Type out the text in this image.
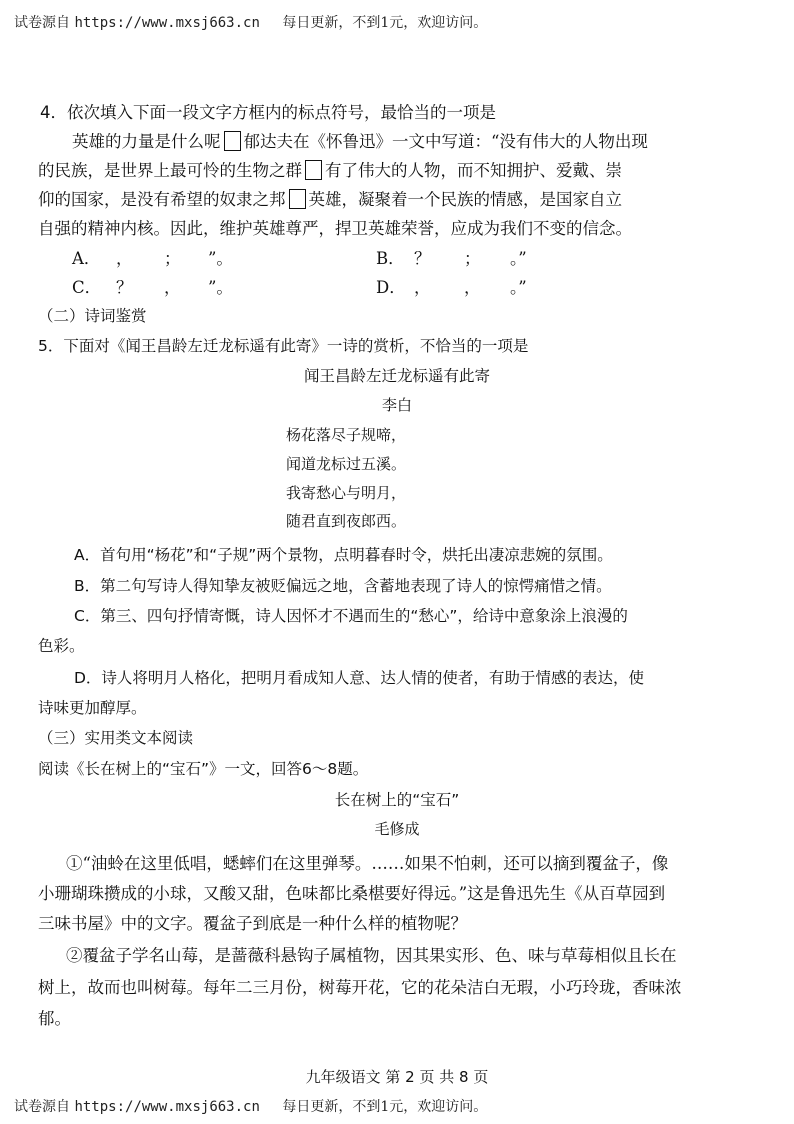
试卷源自 https://www.mxsj663.cn 每日更新，不到1元，欢迎访问。
4．依次填入下面一段文字方框内的标点符号，最恰当的一项是
英雄的力量是什么呢 郁达夫在《怀鲁迅》一文中写道：“没有伟大的人物出现
的民族，是世界上最可怜的生物之群 有了伟大的人物，而不知拥护、爱戴、崇
仰的国家，是没有希望的奴隶之邦 英雄，凝聚着一个民族的情感，是国家自立
自强的精神内核。因此，维护英雄尊严，捍卫英雄荣誉，应成为我们不变的信念。
A． ， ； ”。	B． ？ ； 。”
C． ？ ， ”。	D． ， ， 。”
（二）诗词鉴赏
5．下面对《闻王昌龄左迁龙标遥有此寄》一诗的赏析，不恰当的一项是
闻王昌龄左迁龙标遥有此寄
李白
杨花落尽子规啼，
闻道龙标过五溪。
我寄愁心与明月，
随君直到夜郎西。
A．首句用“杨花”和“子规”两个景物，点明暮春时令，烘托出凄凉悲婉的氛围。
B．第二句写诗人得知挚友被贬偏远之地，含蓄地表现了诗人的惊愕痛惜之情。
C．第三、四句抒情寄慨，诗人因怀才不遇而生的“愁心”，给诗中意象涂上浪漫的
色彩。
D．诗人将明月人格化，把明月看成知人意、达人情的使者，有助于情感的表达，使
诗味更加醇厚。
（三）实用类文本阅读
阅读《长在树上的“宝石”》一文，回答6～8题。
长在树上的“宝石”
毛修成
①“油蛉在这里低唱，蟋蟀们在这里弹琴。……如果不怕刺，还可以摘到覆盆子，像
小珊瑚珠攒成的小球，又酸又甜，色味都比桑椹要好得远。”这是鲁迅先生《从百草园到
三味书屋》中的文字。覆盆子到底是一种什么样的植物呢？
②覆盆子学名山莓，是蔷薇科悬钩子属植物，因其果实形、色、味与草莓相似且长在
树上，故而也叫树莓。每年二三月份，树莓开花，它的花朵洁白无瑕，小巧玲珑，香味浓
郁。
九年级语文 第 2 页 共 8 页
试卷源自 https://www.mxsj663.cn 每日更新，不到1元，欢迎访问。
